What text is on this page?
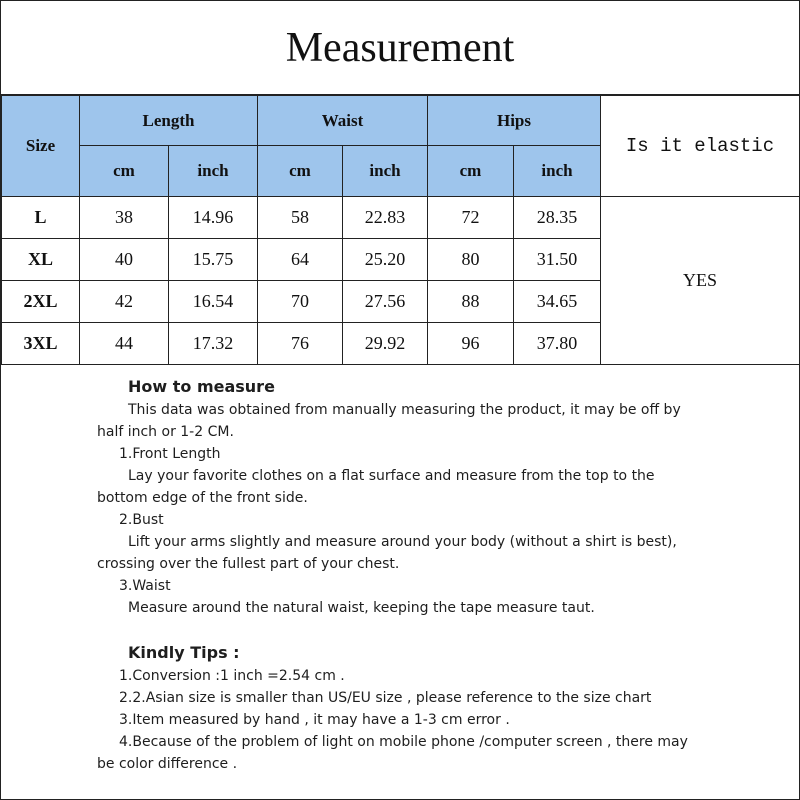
Measurement
Size	Length		Waist		Hips		Is it elastic
	cm	inch	cm	inch	cm	inch	
L	38	14.96	58	22.83	72	28.35	YES
XL	40	15.75	64	25.20	80	31.50	
2XL	42	16.54	70	27.56	88	34.65	
3XL	44	17.32	76	29.92	96	37.80	
How to measure
This data was obtained from manually measuring the product, it may be off by
half inch or 1-2 CM.
1.Front Length
Lay your favorite clothes on a flat surface and measure from the top to the
bottom edge of the front side.
2.Bust
Lift your arms slightly and measure around your body (without a shirt is best),
crossing over the fullest part of your chest.
3.Waist
Measure around the natural waist, keeping the tape measure taut.
Kindly Tips :
1.Conversion :1 inch =2.54 cm .
2.2.Asian size is smaller than US/EU size , please reference to the size chart
3.Item measured by hand , it may have a 1-3 cm error .
4.Because of the problem of light on mobile phone /computer screen , there may
be color difference .
